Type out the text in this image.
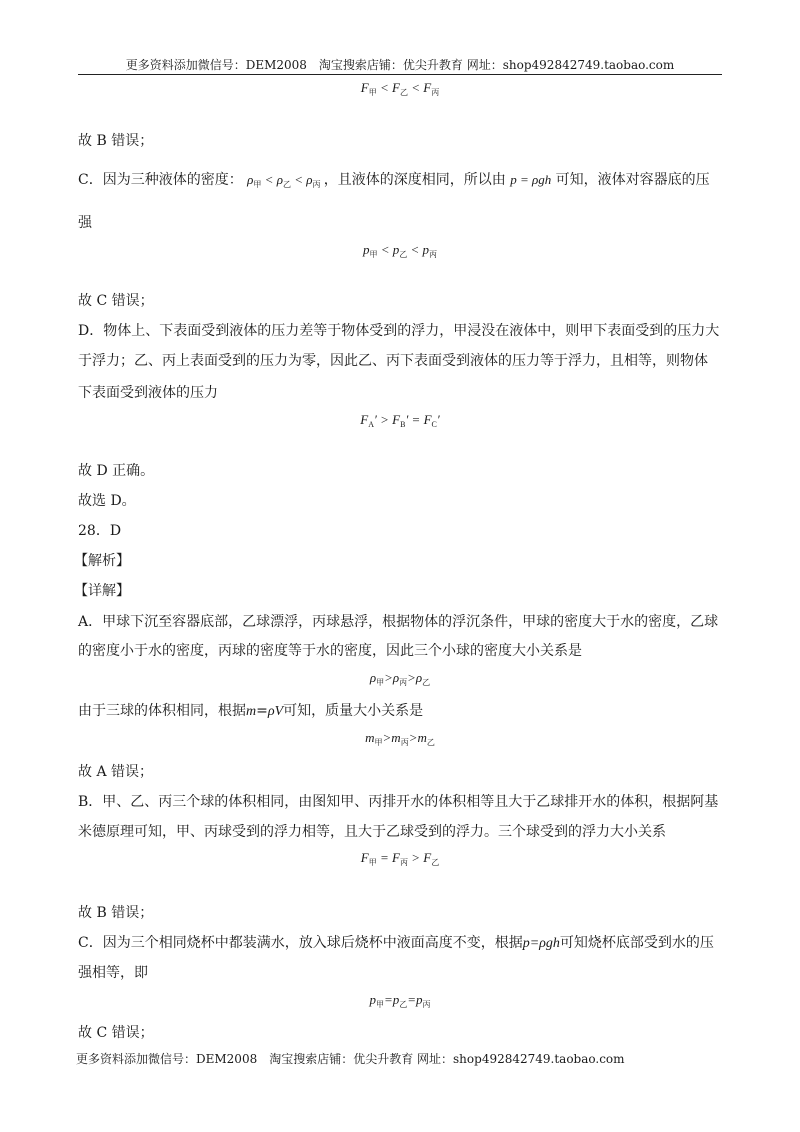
更多资料添加微信号：DEM2008　淘宝搜索店铺：优尖升教育 网址：shop492842749.taobao.com
$F_甲 < F_乙 < F_丙$
故 B 错误；
C．因为三种液体的密度： $\rho_甲 < \rho_乙 < \rho_丙$ ，且液体的深度相同，所以由 p = ρgh 可知，液体对容器底的压
强
$p_甲 < p_乙 < p_丙$
故 C 错误；
D．物体上、下表面受到液体的压力差等于物体受到的浮力，甲浸没在液体中，则甲下表面受到的压力大
于浮力；乙、丙上表面受到的压力为零，因此乙、丙下表面受到液体的压力等于浮力，且相等，则物体
下表面受到液体的压力
$F_A' > F_B' = F_C'$
故 D 正确。
故选 D。
28．D
【解析】
【详解】
A．甲球下沉至容器底部，乙球漂浮，丙球悬浮，根据物体的浮沉条件，甲球的密度大于水的密度，乙球
的密度小于水的密度，丙球的密度等于水的密度，因此三个小球的密度大小关系是
$\rho_甲>\rho_丙>\rho_乙$
由于三球的体积相同，根据m=ρV可知，质量大小关系是
$m_甲>m_丙>m_乙$
故 A 错误；
B．甲、乙、丙三个球的体积相同，由图知甲、丙排开水的体积相等且大于乙球排开水的体积，根据阿基
米德原理可知，甲、丙球受到的浮力相等，且大于乙球受到的浮力。三个球受到的浮力大小关系
$F_甲 = F_丙 > F_乙$
故 B 错误；
C．因为三个相同烧杯中都装满水，放入球后烧杯中液面高度不变，根据p=ρgh可知烧杯底部受到水的压
强相等，即
$p_甲=p_乙=p_丙$
故 C 错误；
更多资料添加微信号：DEM2008　淘宝搜索店铺：优尖升教育 网址：shop492842749.taobao.com
